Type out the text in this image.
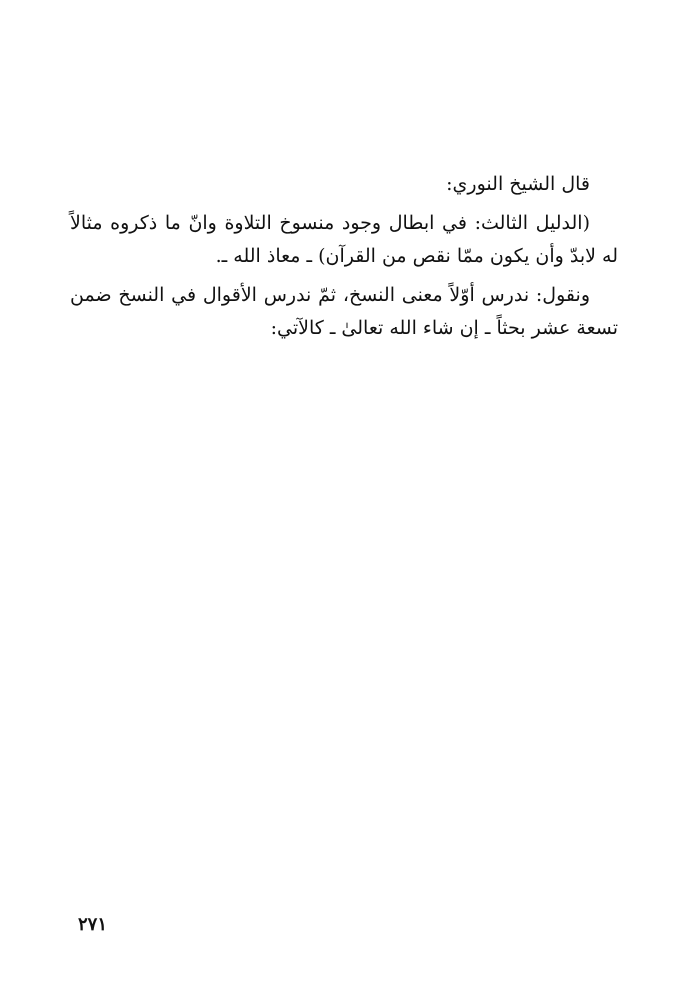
قال الشيخ النوري:

(الدليل الثالث: في ابطال وجود منسوخ التلاوة وانّ ما ذكروه مثالاً له لابدّ وأن يكون ممّا نقص من القرآن) ـ معاذ الله ـ.

ونقول: ندرس أوّلاً معنى النسخ، ثمّ ندرس الأقوال في النسخ ضمن تسعة عشر بحثاً ـ إن شاء الله تعالىٰ ـ كالآتي:

٢٧١
